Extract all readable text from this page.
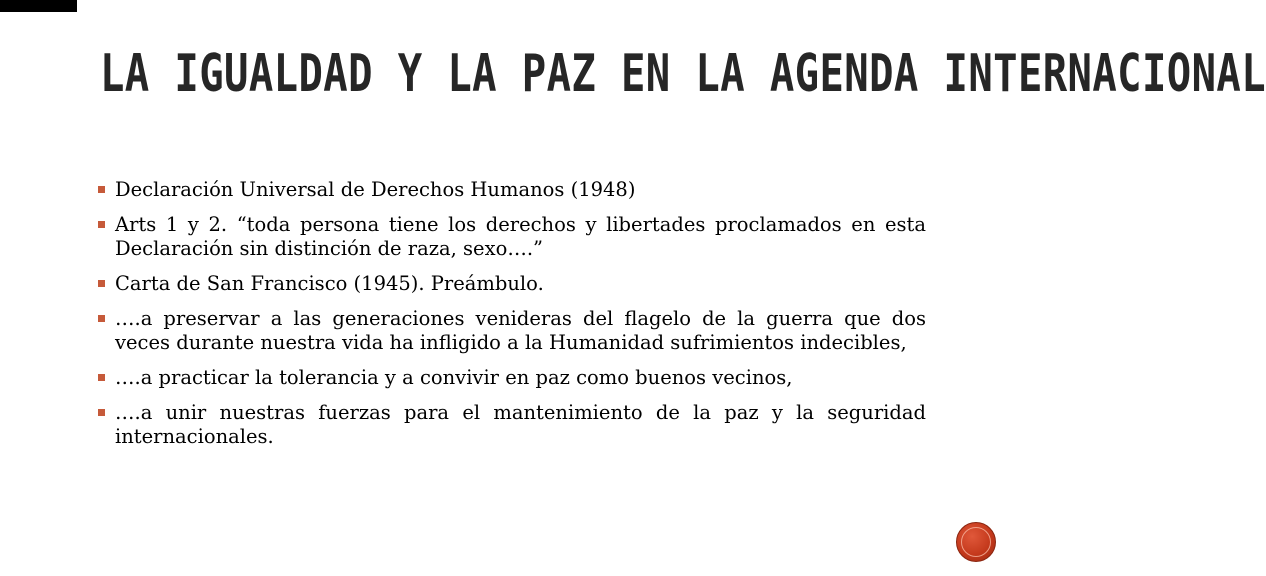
LA IGUALDAD Y LA PAZ EN LA AGENDA INTERNACIONAL
Declaración Universal de Derechos Humanos (1948)
Arts 1 y 2. “toda persona tiene los derechos y libertades proclamados en esta Declaración sin distinción de raza, sexo….”
Carta de San Francisco (1945). Preámbulo.
….a preservar a las generaciones venideras del flagelo de la guerra que dos veces durante nuestra vida ha infligido a la Humanidad sufrimientos indecibles,
….a practicar la tolerancia y a convivir en paz como buenos vecinos,
….a unir nuestras fuerzas para el mantenimiento de la paz y la seguridad internacionales.
